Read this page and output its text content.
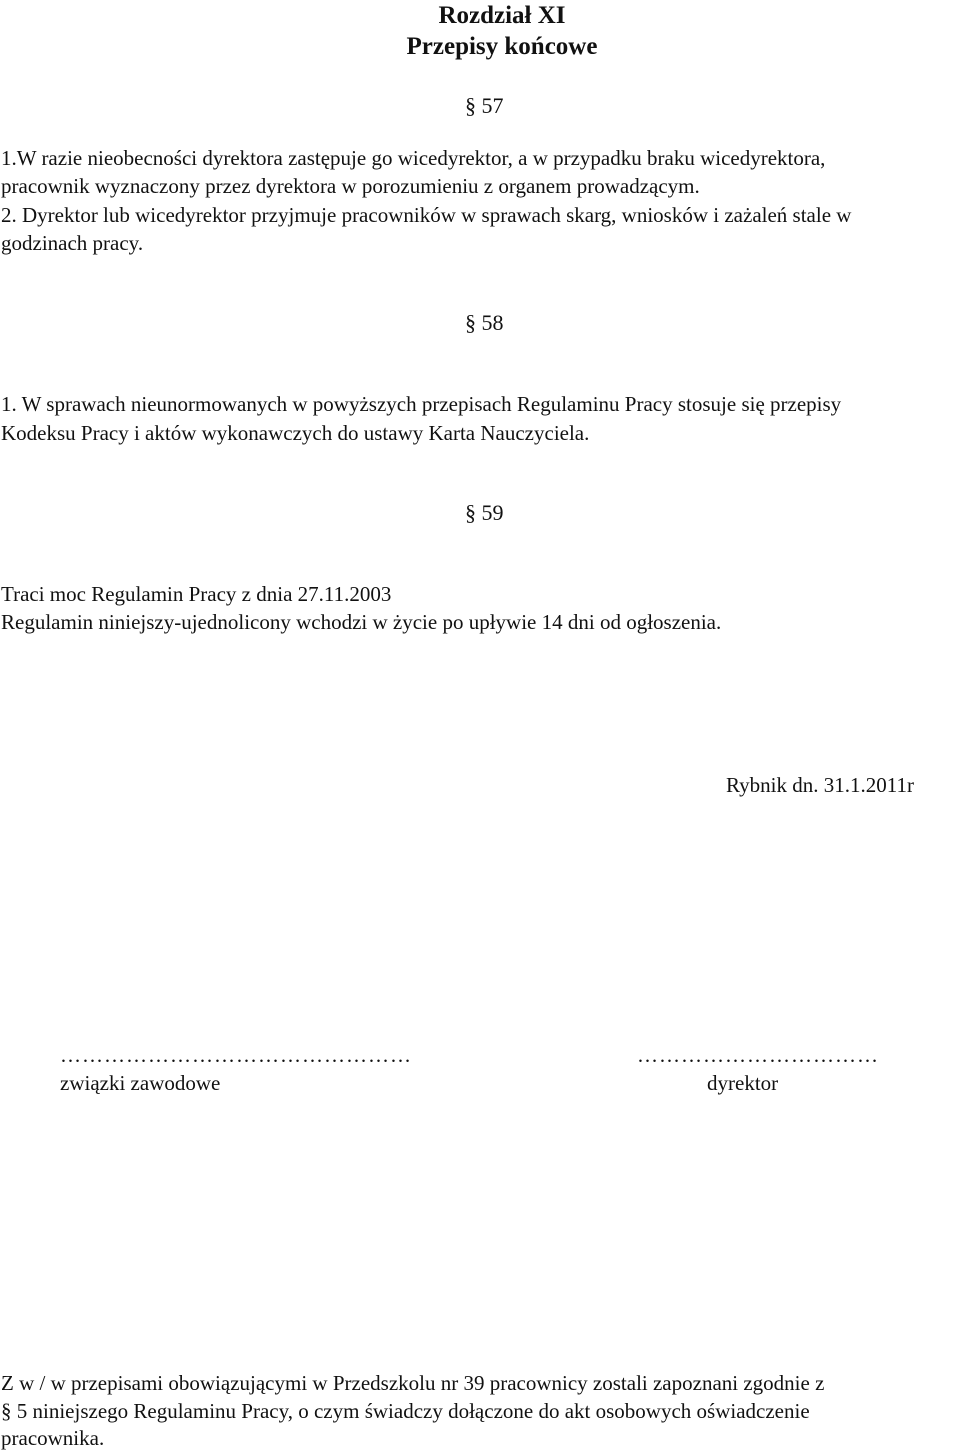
Rozdział XI
Przepisy końcowe
§ 57
1.W razie nieobecności dyrektora zastępuje go wicedyrektor, a w przypadku braku wicedyrektora,
pracownik wyznaczony przez dyrektora w porozumieniu z organem prowadzącym.
2. Dyrektor lub wicedyrektor przyjmuje pracowników w sprawach skarg, wniosków i zażaleń stale w
godzinach pracy.
§ 58
1. W sprawach nieunormowanych w powyższych przepisach Regulaminu Pracy stosuje się przepisy
Kodeksu Pracy i aktów wykonawczych do ustawy Karta Nauczyciela.
§ 59
Traci moc Regulamin Pracy z dnia 27.11.2003
Regulamin niniejszy-ujednolicony wchodzi w życie po upływie 14 dni od ogłoszenia.
Rybnik dn. 31.1.2011r
…………………………………………
związki zawodowe
……………………………
dyrektor
Z w / w przepisami obowiązującymi w Przedszkolu nr 39 pracownicy zostali zapoznani zgodnie z
§ 5 niniejszego Regulaminu Pracy, o czym świadczy dołączone do akt osobowych oświadczenie
pracownika.
